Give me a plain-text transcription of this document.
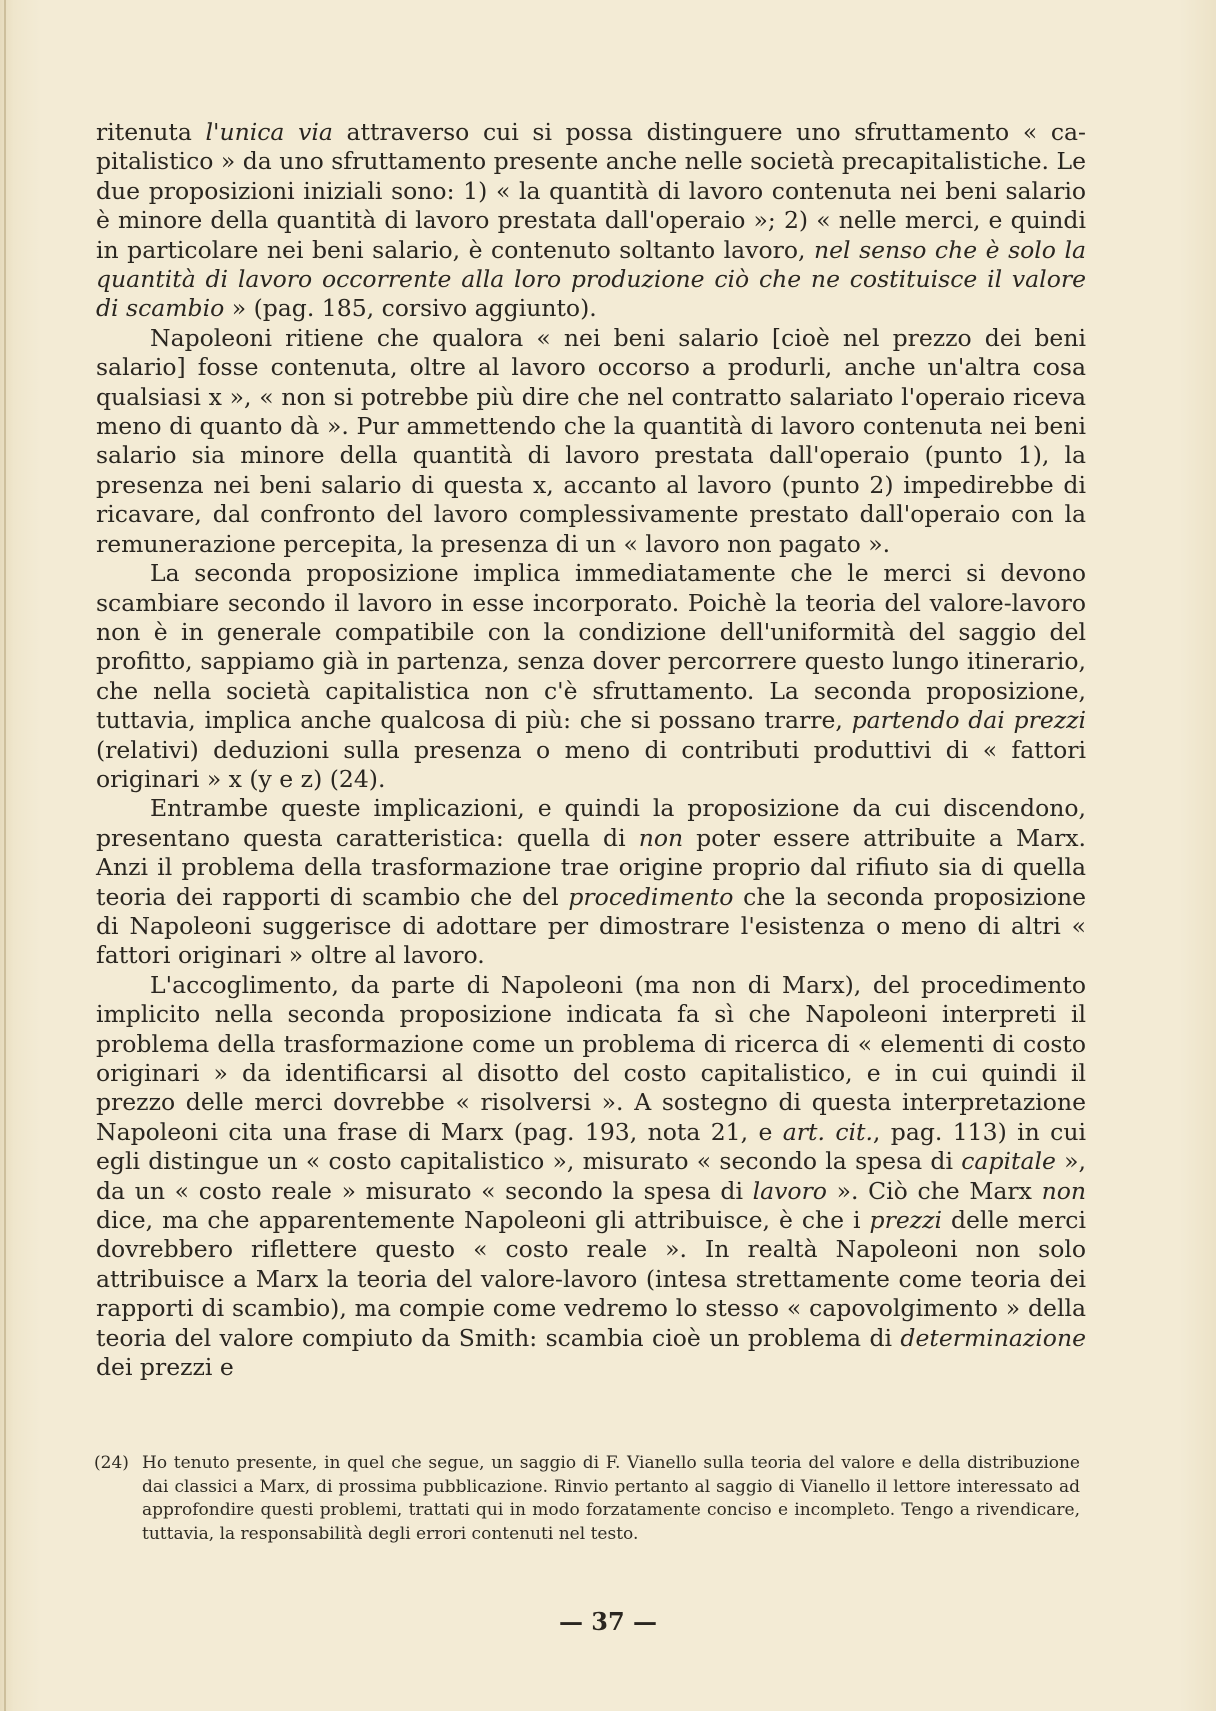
ritenuta l'unica via attraverso cui si possa distinguere uno sfruttamento « capitalistico » da uno sfruttamento presente anche nelle società precapitalistiche. Le due proposizioni iniziali sono: 1) « la quantità di lavoro contenuta nei beni salario è minore della quantità di lavoro prestata dall'operaio »; 2) « nelle merci, e quindi in particolare nei beni salario, è contenuto soltanto lavoro, nel senso che è solo la quantità di lavoro occorrente alla loro produzione ciò che ne costituisce il valore di scambio » (pag. 185, corsivo aggiunto).

Napoleoni ritiene che qualora « nei beni salario [cioè nel prezzo dei beni salario] fosse contenuta, oltre al lavoro occorso a produrli, anche un'altra cosa qualsiasi x », « non si potrebbe più dire che nel contratto salariato l'operaio riceva meno di quanto dà ». Pur ammettendo che la quantità di lavoro contenuta nei beni salario sia minore della quantità di lavoro prestata dall'operaio (punto 1), la presenza nei beni salario di questa x, accanto al lavoro (punto 2) impedirebbe di ricavare, dal confronto del lavoro complessivamente prestato dall'operaio con la remunerazione percepita, la presenza di un « lavoro non pagato ».

La seconda proposizione implica immediatamente che le merci si devono scambiare secondo il lavoro in esse incorporato. Poichè la teoria del valore-lavoro non è in generale compatibile con la condizione dell'uniformità del saggio del profitto, sappiamo già in partenza, senza dover percorrere questo lungo itinerario, che nella società capitalistica non c'è sfruttamento. La seconda proposizione, tuttavia, implica anche qualcosa di più: che si possano trarre, partendo dai prezzi (relativi) deduzioni sulla presenza o meno di contributi produttivi di « fattori originari » x (y e z) (24).

Entrambe queste implicazioni, e quindi la proposizione da cui discendono, presentano questa caratteristica: quella di non poter essere attribuite a Marx. Anzi il problema della trasformazione trae origine proprio dal rifiuto sia di quella teoria dei rapporti di scambio che del procedimento che la seconda proposizione di Napoleoni suggerisce di adottare per dimostrare l'esistenza o meno di altri « fattori originari » oltre al lavoro.

L'accoglimento, da parte di Napoleoni (ma non di Marx), del procedimento implicito nella seconda proposizione indicata fa sì che Napoleoni interpreti il problema della trasformazione come un problema di ricerca di « elementi di costo originari » da identificarsi al disotto del costo capitalistico, e in cui quindi il prezzo delle merci dovrebbe « risolversi ». A sostegno di questa interpretazione Napoleoni cita una frase di Marx (pag. 193, nota 21, e art. cit., pag. 113) in cui egli distingue un « costo capitalistico », misurato « secondo la spesa di capitale », da un « costo reale » misurato « secondo la spesa di lavoro ». Ciò che Marx non dice, ma che apparentemente Napoleoni gli attribuisce, è che i prezzi delle merci dovrebbero riflettere questo « costo reale ». In realtà Napoleoni non solo attribuisce a Marx la teoria del valore-lavoro (intesa strettamente come teoria dei rapporti di scambio), ma compie come vedremo lo stesso « capovolgimento » della teoria del valore compiuto da Smith: scambia cioè un problema di determinazione dei prezzi e

(24) Ho tenuto presente, in quel che segue, un saggio di F. Vianello sulla teoria del valore e della distribuzione dai classici a Marx, di prossima pubblicazione. Rinvio pertanto al saggio di Vianello il lettore interessato ad approfondire questi problemi, trattati qui in modo forzatamente conciso e incompleto. Tengo a rivendicare, tuttavia, la responsabilità degli errori contenuti nel testo.
— 37 —
